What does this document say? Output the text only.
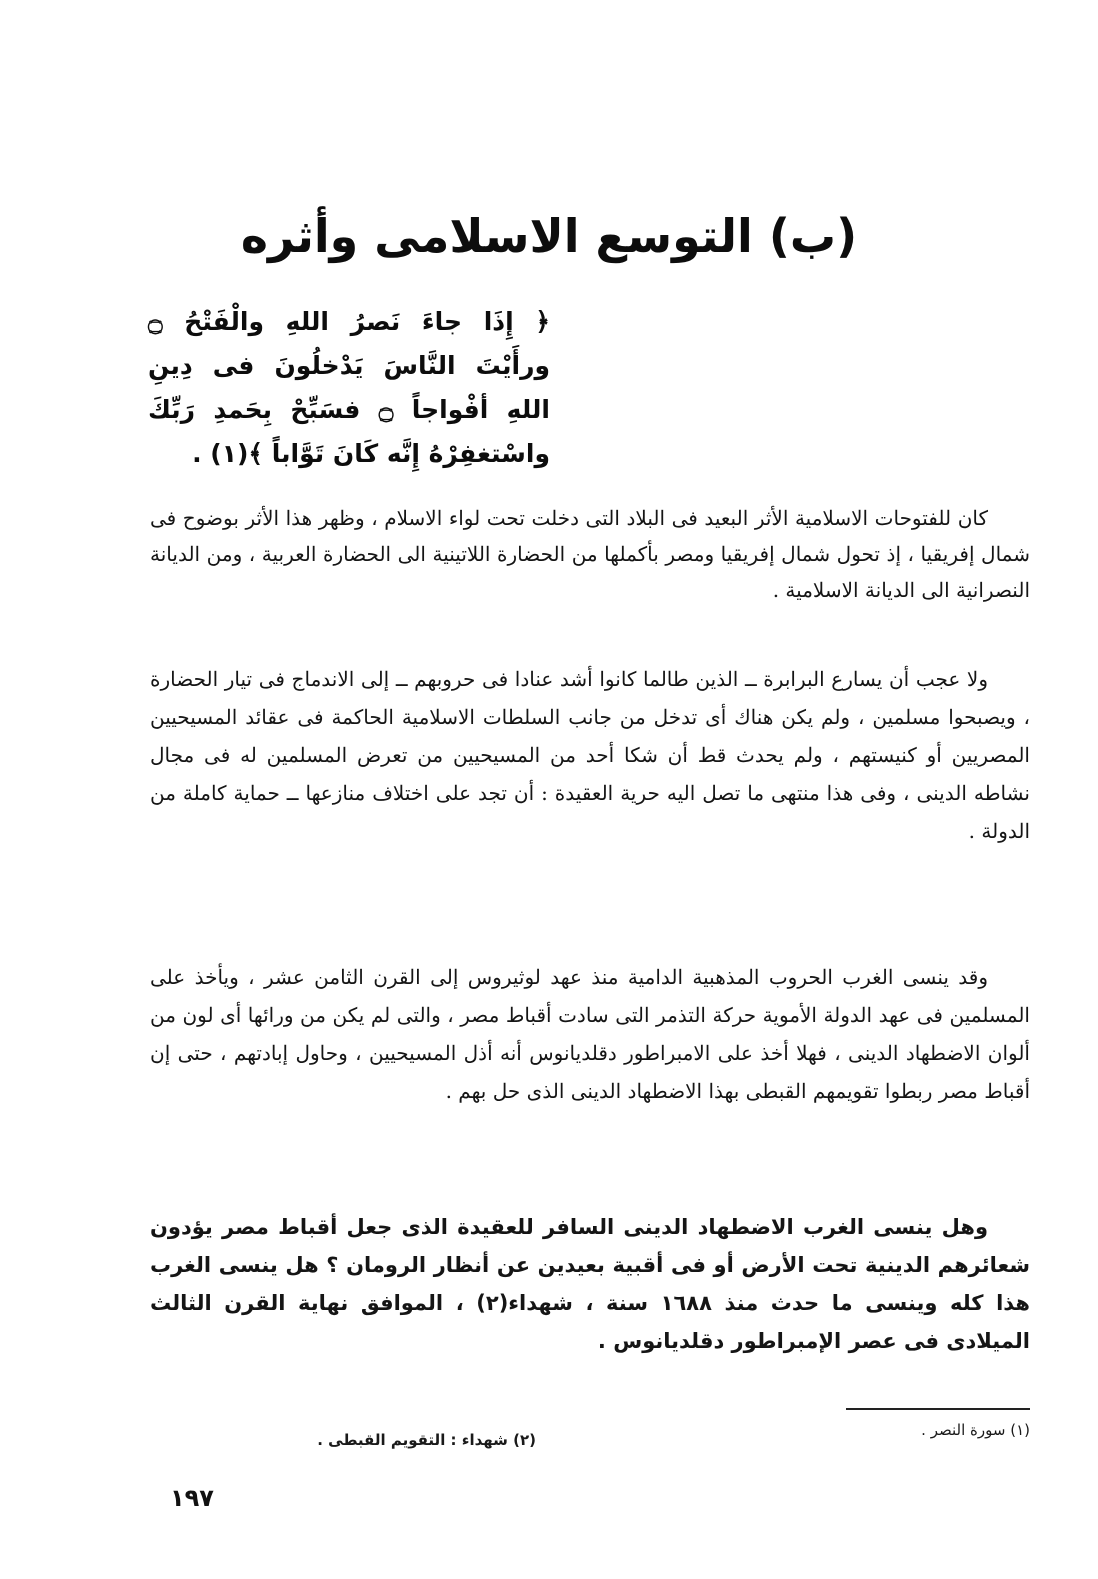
(ب) التوسع الاسلامى وأثره
﴿ إِذَا جاءَ نَصرُ اللهِ والْفَتْحُ ۝ ورأَيْتَ النَّاسَ يَدْخلُونَ فى دِينِ اللهِ أفْواجاً ۝ فسَبِّحْ بِحَمدِ رَبِّكَ واسْتغفِرْهُ إِنَّه كَانَ تَوَّاباً ﴾(١) .
كان للفتوحات الاسلامية الأثر البعيد فى البلاد التى دخلت تحت لواء الاسلام ، وظهر هذا الأثر بوضوح فى شمال إفريقيا ، إذ تحول شمال إفريقيا ومصر بأكملها من الحضارة اللاتينية الى الحضارة العربية ، ومن الديانة النصرانية الى الديانة الاسلامية .
ولا عجب أن يسارع البرابرة ــ الذين طالما كانوا أشد عنادا فى حروبهم ــ إلى الاندماج فى تيار الحضارة ، ويصبحوا مسلمين ، ولم يكن هناك أى تدخل من جانب السلطات الاسلامية الحاكمة فى عقائد المسيحيين المصريين أو كنيستهم ، ولم يحدث قط أن شكا أحد من المسيحيين من تعرض المسلمين له فى مجال نشاطه الدينى ، وفى هذا منتهى ما تصل اليه حرية العقيدة : أن تجد على اختلاف منازعها ــ حماية كاملة من الدولة .
وقد ينسى الغرب الحروب المذهبية الدامية منذ عهد لوثيروس إلى القرن الثامن عشر ، ويأخذ على المسلمين فى عهد الدولة الأموية حركة التذمر التى سادت أقباط مصر ، والتى لم يكن من ورائها أى لون من ألوان الاضطهاد الدينى ، فهلا أخذ على الامبراطور دقلديانوس أنه أذل المسيحيين ، وحاول إبادتهم ، حتى إن أقباط مصر ربطوا تقويمهم القبطى بهذا الاضطهاد الدينى الذى حل بهم .
وهل ينسى الغرب الاضطهاد الدينى السافر للعقيدة الذى جعل أقباط مصر يؤدون شعائرهم الدينية تحت الأرض أو فى أقبية بعيدين عن أنظار الرومان ؟ هل ينسى الغرب هذا كله وينسى ما حدث منذ ١٦٨٨ سنة ، شهداء(٢) ، الموافق نهاية القرن الثالث الميلادى فى عصر الإمبراطور دقلديانوس .
(١) سورة النصر .
(٢) شهداء : التقويم القبطى .
١٩٧
